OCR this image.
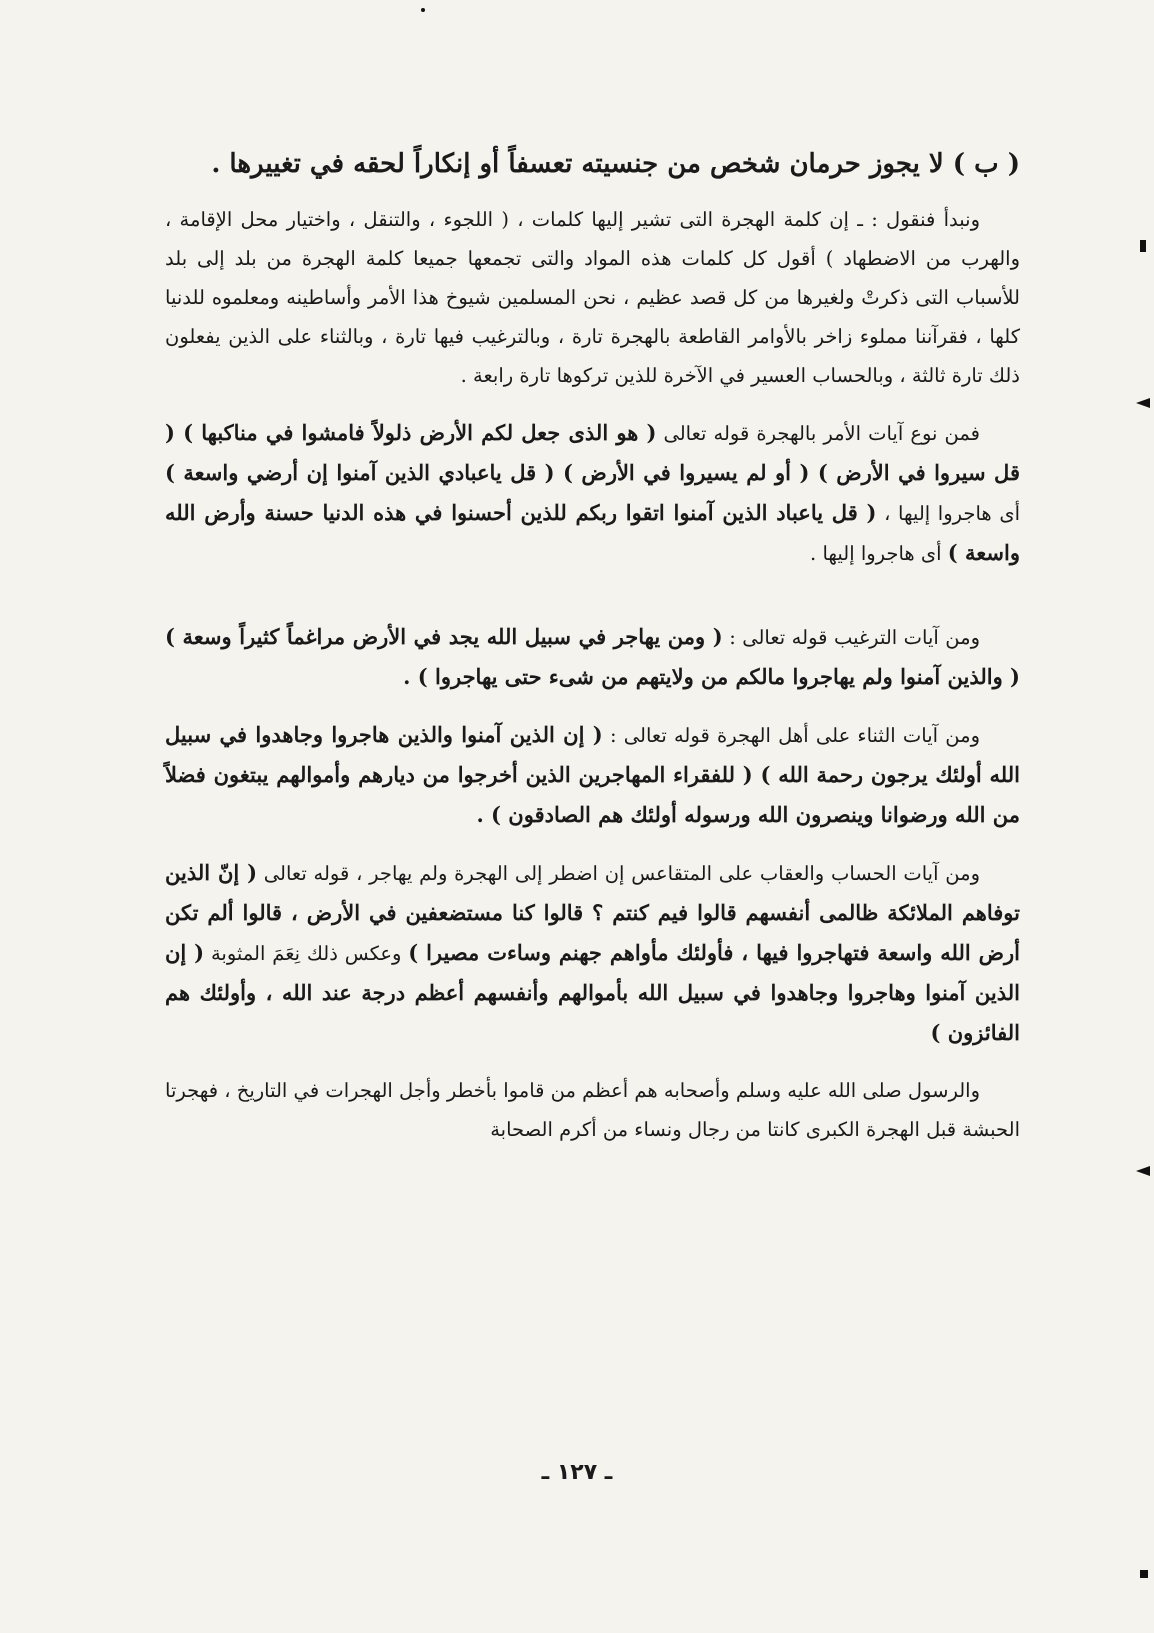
( ب ) لا يجوز حرمان شخص من جنسيته تعسفاً أو إنكاراً لحقه في تغييرها .

ونبدأ فنقول : ـ إن كلمة الهجرة التى تشير إليها كلمات ، ( اللجوء ، والتنقل ، واختيار محل الإقامة ، والهرب من الاضطهاد ) أقول كل كلمات هذه المواد والتى تجمعها جميعا كلمة الهجرة من بلد إلى بلد للأسباب التى ذكرتْ ولغيرها من كل قصد عظيم ، نحن المسلمين شيوخ هذا الأمر وأساطينه ومعلموه للدنيا كلها ، فقرآننا مملوء زاخر بالأوامر القاطعة بالهجرة تارة ، وبالترغيب فيها تارة ، وبالثناء على الذين يفعلون ذلك تارة ثالثة ، وبالحساب العسير في الآخرة للذين تركوها تارة رابعة .

فمن نوع آيات الأمر بالهجرة قوله تعالى ( هو الذى جعل لكم الأرض ذلولاً فامشوا في مناكبها ) ( قل سيروا في الأرض ) ( أو لم يسيروا في الأرض ) ( قل ياعبادي الذين آمنوا إن أرضي واسعة ) أى هاجروا إليها ، ( قل ياعباد الذين آمنوا اتقوا ربكم للذين أحسنوا في هذه الدنيا حسنة وأرض الله واسعة ) أى هاجروا إليها .

ومن آيات الترغيب قوله تعالى : ( ومن يهاجر في سبيل الله يجد في الأرض مراغماً كثيراً وسعة ) ( والذين آمنوا ولم يهاجروا مالكم من ولايتهم من شىء حتى يهاجروا ) .

ومن آيات الثناء على أهل الهجرة قوله تعالى : ( إن الذين آمنوا والذين هاجروا وجاهدوا في سبيل الله أولئك يرجون رحمة الله ) ( للفقراء المهاجرين الذين أخرجوا من ديارهم وأموالهم يبتغون فضلاً من الله ورضوانا وينصرون الله ورسوله أولئك هم الصادقون ) .

ومن آيات الحساب والعقاب على المتقاعس إن اضطر إلى الهجرة ولم يهاجر ، قوله تعالى ( إنّ الذين توفاهم الملائكة ظالمى أنفسهم قالوا فيم كنتم ؟ قالوا كنا مستضعفين في الأرض ، قالوا ألم تكن أرض الله واسعة فتهاجروا فيها ، فأولئك مأواهم جهنم وساءت مصيرا ) وعكس ذلك نِعَمَ المثوبة ( إن الذين آمنوا وهاجروا وجاهدوا في سبيل الله بأموالهم وأنفسهم أعظم درجة عند الله ، وأولئك هم الفائزون )

والرسول صلى الله عليه وسلم وأصحابه هم أعظم من قاموا بأخطر وأجل الهجرات في التاريخ ، فهجرتا الحبشة قبل الهجرة الكبرى كانتا من رجال ونساء من أكرم الصحابة

ـ ١٢٧ ـ
